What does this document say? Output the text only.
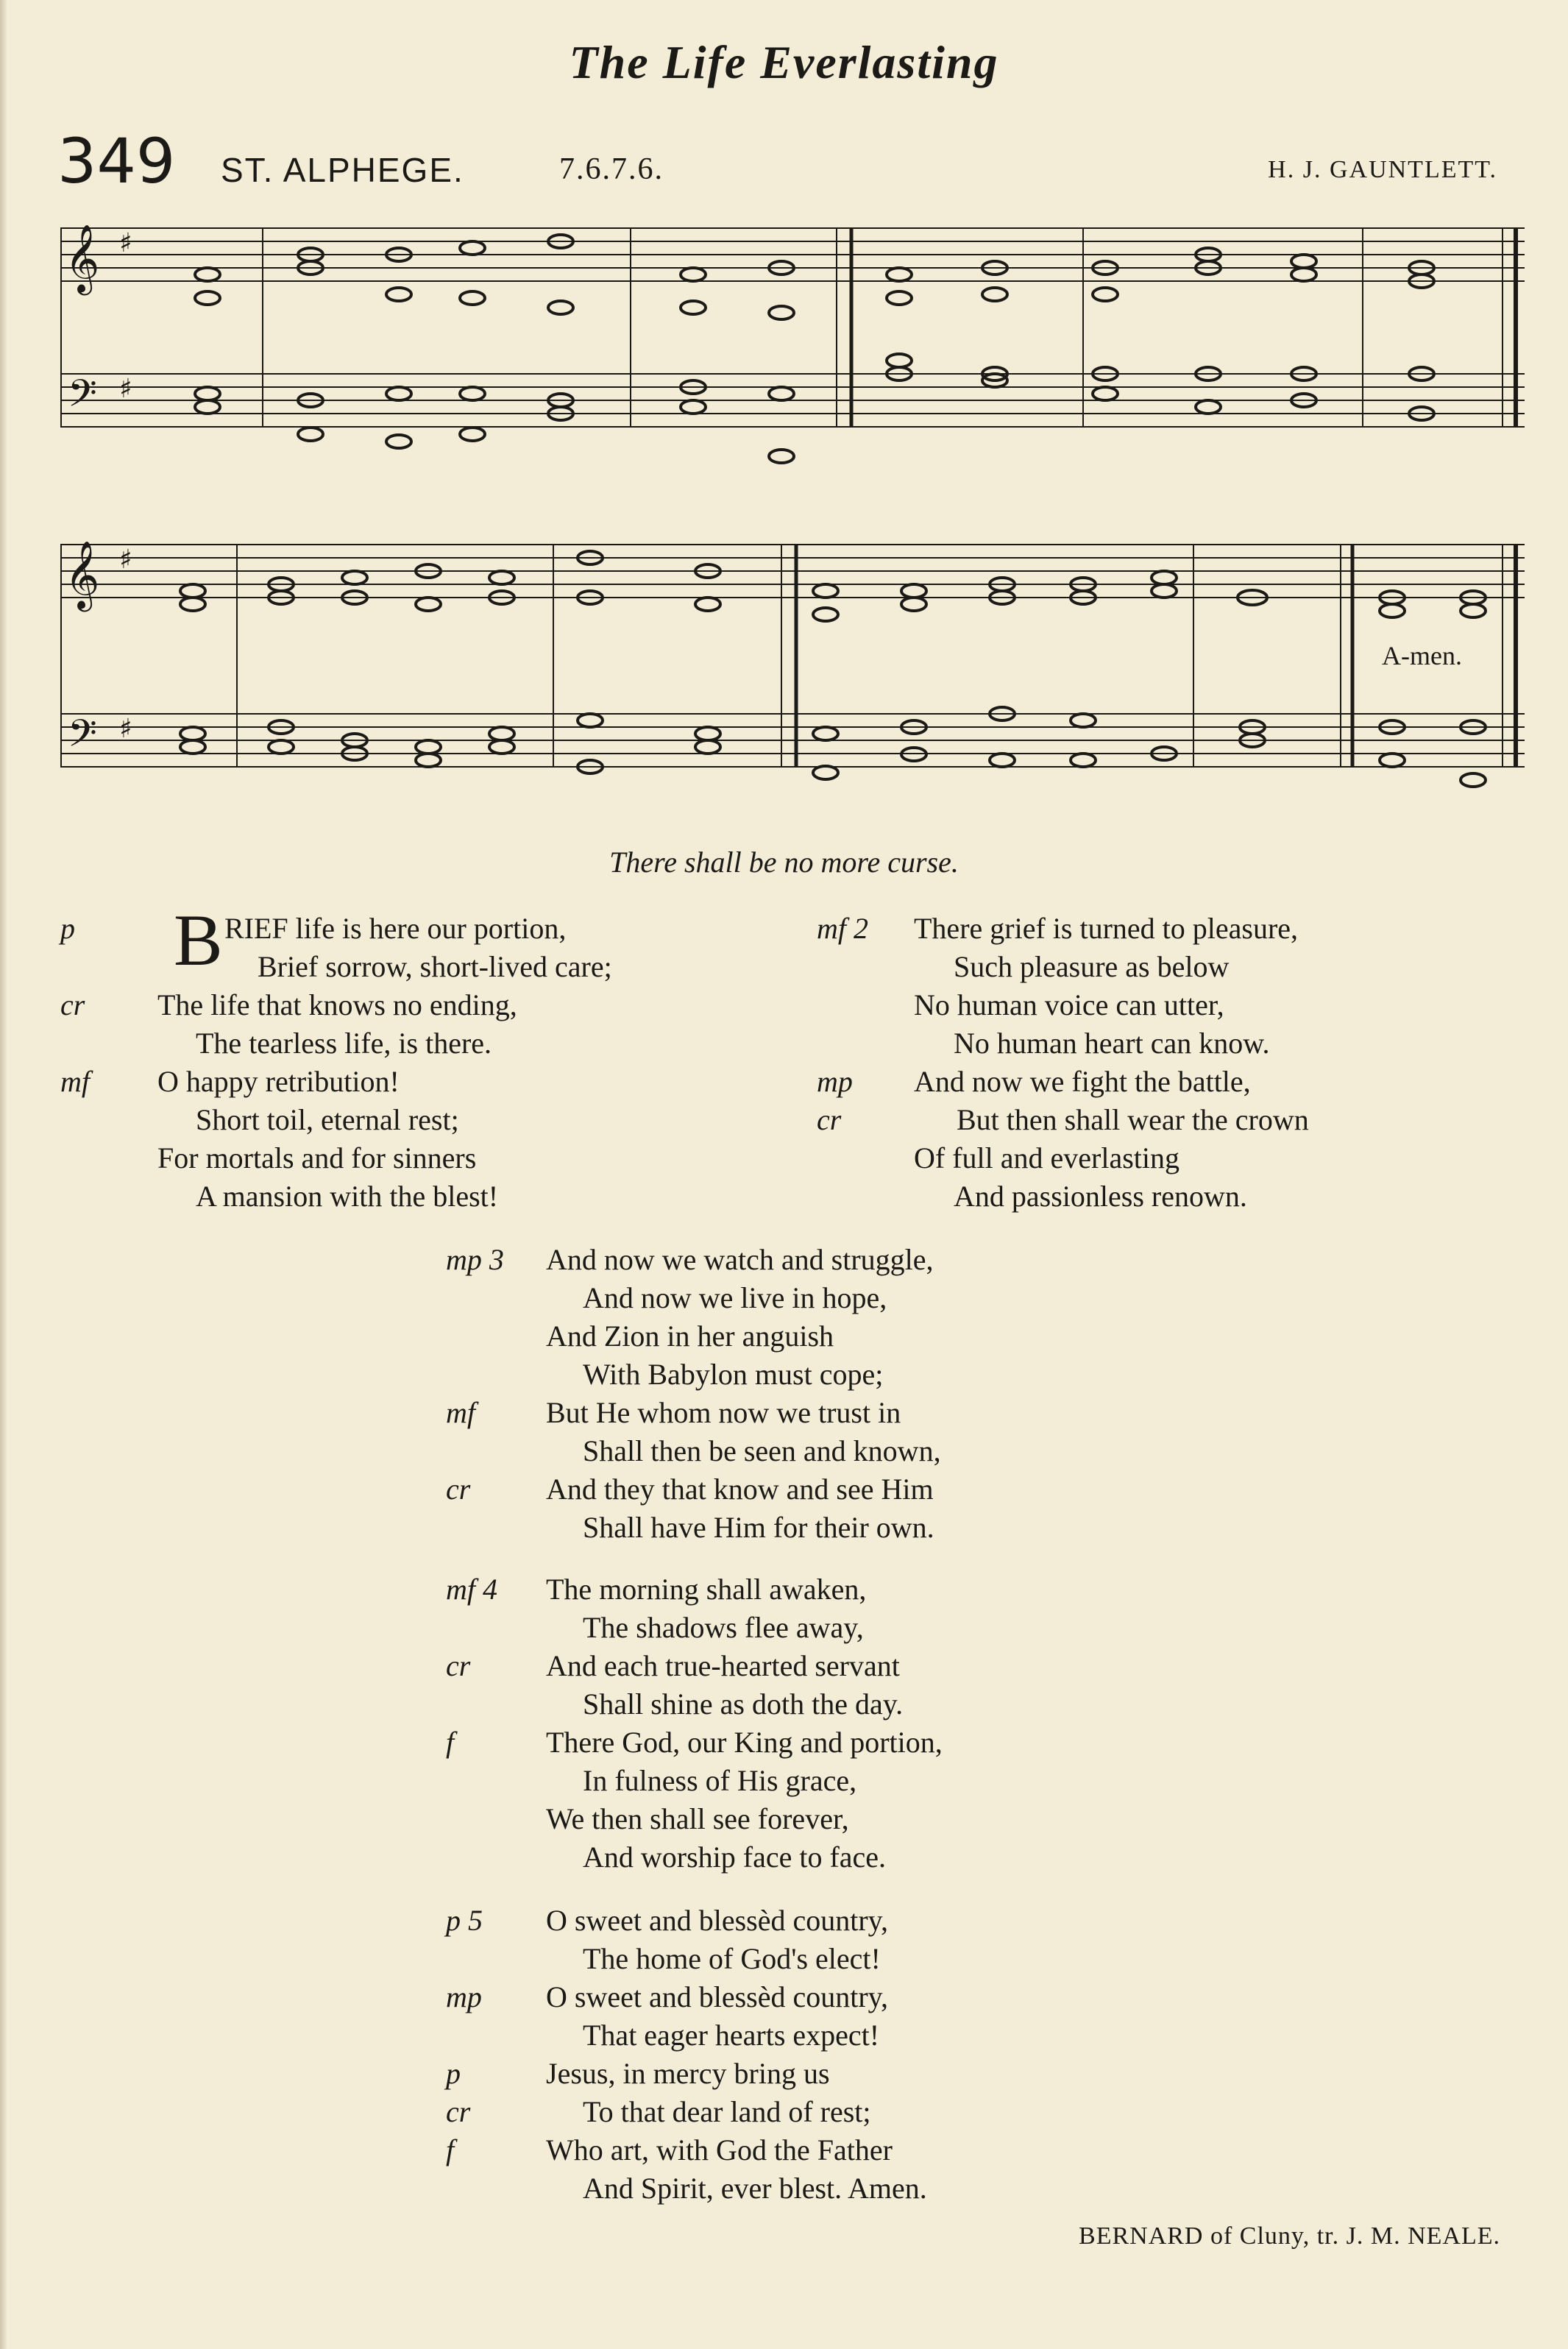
The Life Everlasting
349 ST. ALPHEGE.	7.6.7.6.	H. J. GAUNTLETT.
𝄞 ♯
𝄢 ♯
𝄞 ♯
𝄢 ♯
A-men.
There shall be no more curse.
p
cr
mf
B RIEF life is here our portion,
Brief sorrow, short-lived care;
The life that knows no ending,
The tearless life, is there.
O happy retribution!
Short toil, eternal rest;
For mortals and for sinners
A mansion with the blest!
mf 2
mp
cr
There grief is turned to pleasure,
Such pleasure as below
No human voice can utter,
No human heart can know.
And now we fight the battle,
But then shall wear the crown
Of full and everlasting
And passionless renown.
mp 3
mf
cr
And now we watch and struggle,
And now we live in hope,
And Zion in her anguish
With Babylon must cope;
But He whom now we trust in
Shall then be seen and known,
And they that know and see Him
Shall have Him for their own.
mf 4
cr
f
The morning shall awaken,
The shadows flee away,
And each true-hearted servant
Shall shine as doth the day.
There God, our King and portion,
In fulness of His grace,
We then shall see forever,
And worship face to face.
p 5
mp
p
cr
f
O sweet and blessèd country,
The home of God's elect!
O sweet and blessèd country,
That eager hearts expect!
Jesus, in mercy bring us
To that dear land of rest;
Who art, with God the Father
And Spirit, ever blest. Amen.
BERNARD of Cluny, tr. J. M. NEALE.
